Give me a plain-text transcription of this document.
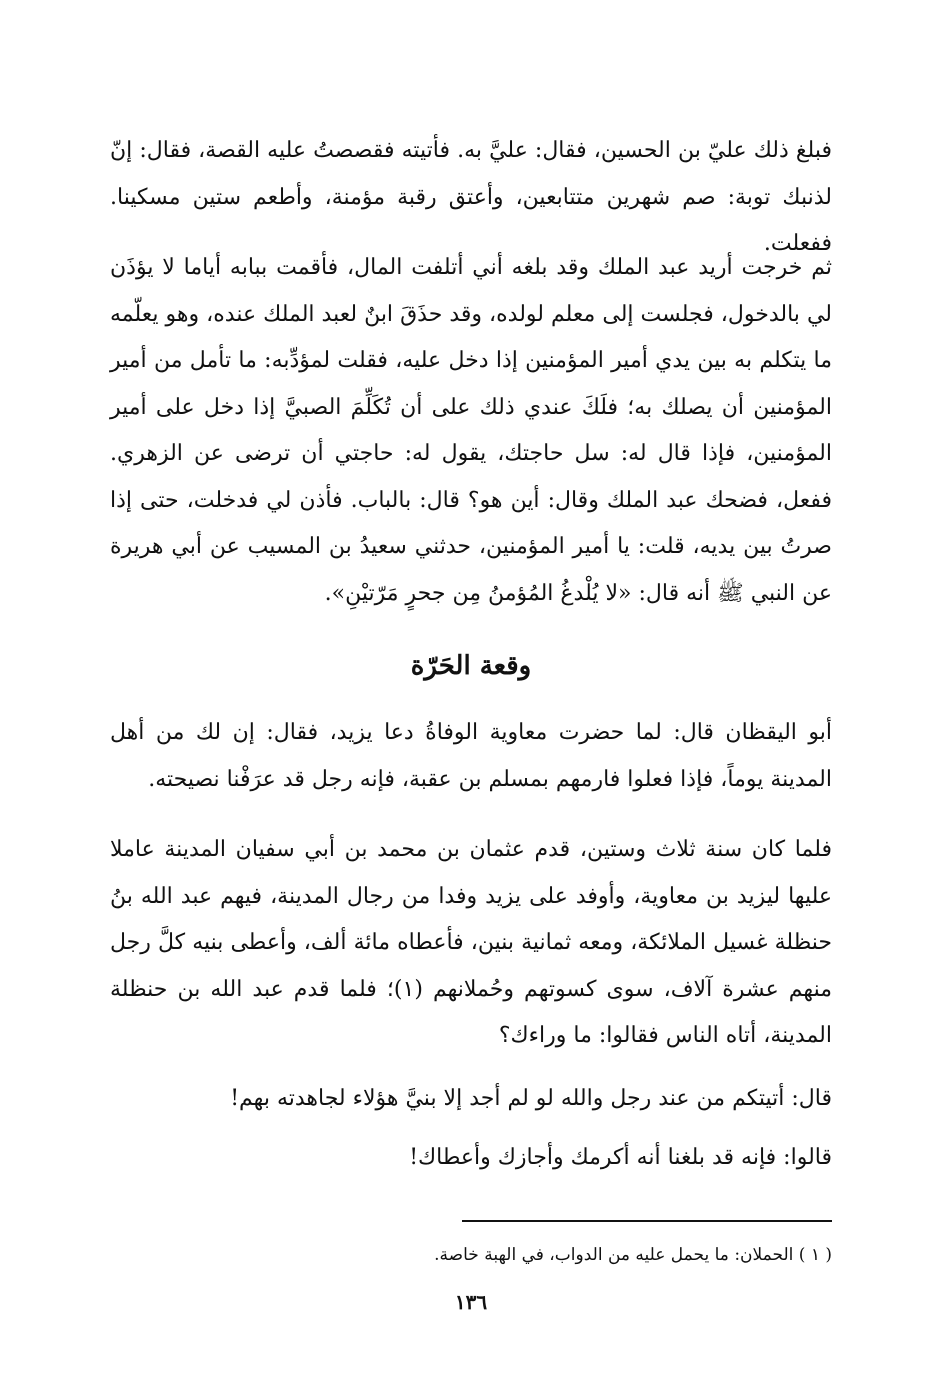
فبلغ ذلك عليّ بن الحسين، فقال: عليَّ به. فأتيته فقصصتُ عليه القصة، فقال: إنّ لذنبك توبة: صم شهرين متتابعين، وأعتق رقبة مؤمنة، وأطعم ستين مسكينا. ففعلت.

ثم خرجت أريد عبد الملك وقد بلغه أني أتلفت المال، فأقمت ببابه أياما لا يؤذَن لي بالدخول، فجلست إلى معلم لولده، وقد حذَقَ ابنٌ لعبد الملك عنده، وهو يعلّمه ما يتكلم به بين يدي أمير المؤمنين إذا دخل عليه، فقلت لمؤدِّبه: ما تأمل من أمير المؤمنين أن يصلك به؛ فلَكَ عندي ذلك على أن تُكَلِّمَ الصبيَّ إذا دخل على أمير المؤمنين، فإذا قال له: سل حاجتك، يقول له: حاجتي أن ترضى عن الزهري. ففعل، فضحك عبد الملك وقال: أين هو؟ قال: بالباب. فأذن لي فدخلت، حتى إذا صرتُ بين يديه، قلت: يا أمير المؤمنين، حدثني سعيدُ بن المسيب عن أبي هريرة عن النبي ﷺ أنه قال: «لا يُلْدغُ المُؤمنُ مِن جحرٍ مَرّتيْنِ».

وقعة الحَرّة

أبو اليقظان قال: لما حضرت معاوية الوفاةُ دعا يزيد، فقال: إن لك من أهل المدينة يوماً، فإذا فعلوا فارمهم بمسلم بن عقبة، فإنه رجل قد عرَفْنا نصيحته.

فلما كان سنة ثلاث وستين، قدم عثمان بن محمد بن أبي سفيان المدينة عاملا عليها ليزيد بن معاوية، وأوفد على يزيد وفدا من رجال المدينة، فيهم عبد الله بنُ حنظلة غسيل الملائكة، ومعه ثمانية بنين، فأعطاه مائة ألف، وأعطى بنيه كلَّ رجل منهم عشرة آلاف، سوى كسوتهم وحُملانهم (١)؛ فلما قدم عبد الله بن حنظلة المدينة، أتاه الناس فقالوا: ما وراءك؟

قال: أتيتكم من عند رجل والله لو لم أجد إلا بنيَّ هؤلاء لجاهدته بهم!

قالوا: فإنه قد بلغنا أنه أكرمك وأجازك وأعطاك!

( ١ ) الحملان: ما يحمل عليه من الدواب، في الهبة خاصة.

١٣٦
